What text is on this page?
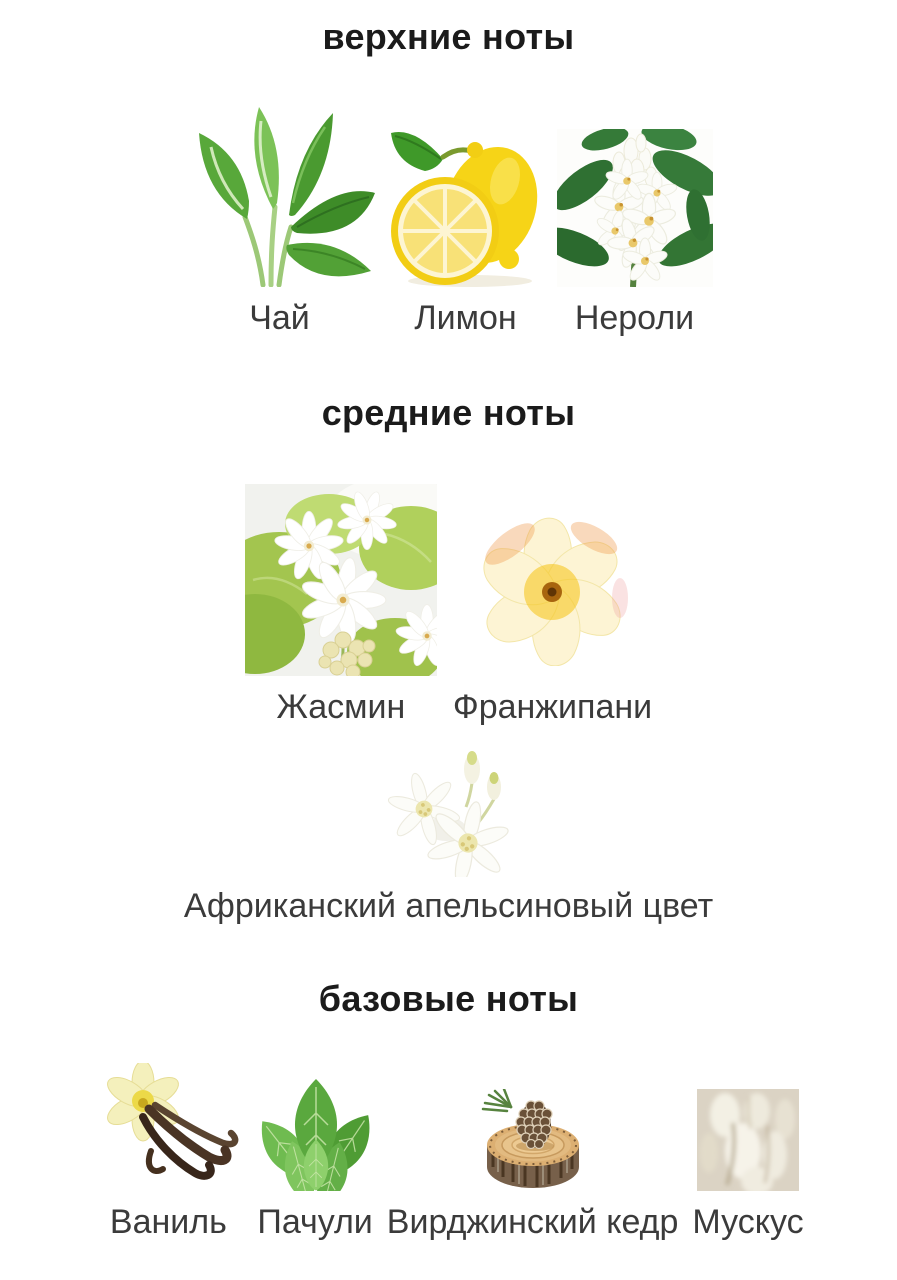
верхние ноты
Чай	Лимон Нероли
средние ноты
Жасмин Франжипани
Африканский апельсиновый цвет
базовые ноты
Ваниль Пачули Вирджинский кедр Мускус
